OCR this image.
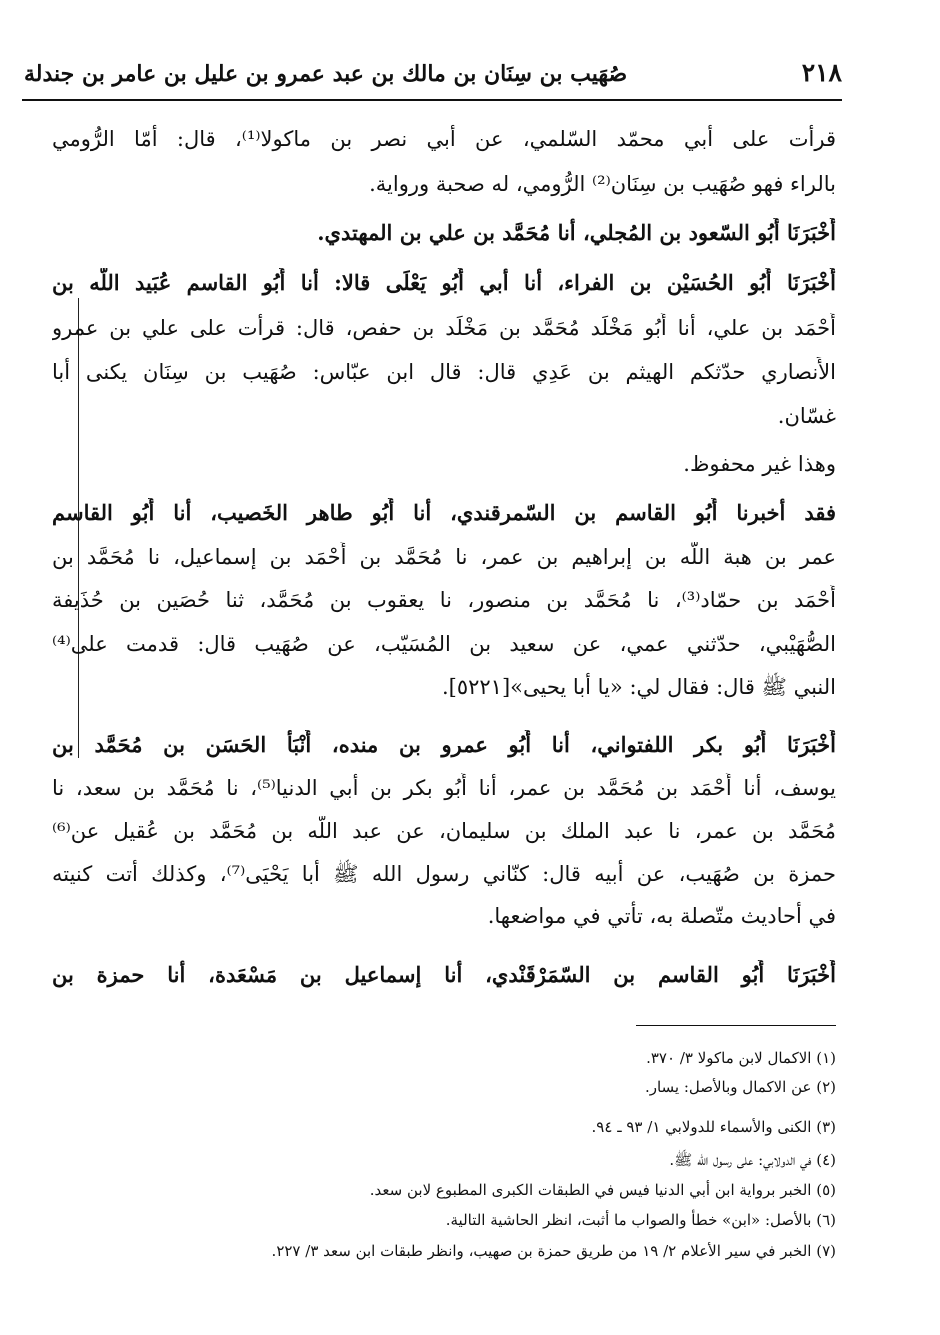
٢١٨
صُهَيب بن سِنَان بن مالك بن عبد عمرو بن عليل بن عامر بن جندلة
قرأت على أبي محمّد السّلمي، عن أبي نصر بن ماكولا⁽¹⁾، قال: أمّا الرُّومي
بالراء فهو صُهَيب بن سِنَان⁽²⁾ الرُّومي، له صحبة ورواية.
أَخْبَرَنَا أَبُو السّعود بن المُجلي، أنا مُحَمَّد بن علي بن المهتدي.
أَخْبَرَنَا أَبُو الحُسَيْن بن الفراء، أنا أبي أَبُو يَعْلَى قالا: أنا أَبُو القاسم عُبَيد اللّه بن
أَحْمَد بن علي، أنا أَبُو مَخْلَد مُحَمَّد بن مَخْلَد بن حفص، قال: قرأت على علي بن عمرو
الأَنصاري حدّثكم الهيثم بن عَدِي قال: قال ابن عبّاس: صُهَيب بن سِنَان يكنى أبا
غسّان.
وهذا غير محفوظ.
فقد أخبرنا أَبُو القاسم بن السّمرقندي، أنا أَبُو طاهر الخَصيب، أنا أَبُو القاسم
عمر بن هبة اللّه بن إبراهيم بن عمر، نا مُحَمَّد بن أَحْمَد بن إسماعيل، نا مُحَمَّد بن
أَحْمَد بن حمّاد⁽³⁾، نا مُحَمَّد بن منصور، نا يعقوب بن مُحَمَّد، ثنا حُصَين بن حُذَيفة
الصُّهَيْبي، حدّثني عمي، عن سعيد بن المُسَيّب، عن صُهَيب قال: قدمت على⁽⁴⁾
النبي ﷺ قال: فقال لي: «يا أبا يحيى»[٥٢٢١].
أَخْبَرَنَا أَبُو بكر اللفتواني، أنا أَبُو عمرو بن منده، أَنْبَأ الحَسَن بن مُحَمَّد بن
يوسف، أنا أَحْمَد بن مُحَمَّد بن عمر، أنا أَبُو بكر بن أبي الدنيا⁽⁵⁾، نا مُحَمَّد بن سعد، نا
مُحَمَّد بن عمر، نا عبد الملك بن سليمان، عن عبد اللّه بن مُحَمَّد بن عُقيل عن⁽⁶⁾
حمزة بن صُهَيب، عن أبيه قال: كنّاني رسول الله ﷺ أبا يَحْيَى⁽⁷⁾، وكذلك أتت كنيته
في أحاديث متّصلة به، تأتي في مواضعها.
أَخْبَرَنَا أَبُو القاسم بن السّمَرْقَنْدي، أنا إسماعيل بن مَسْعَدة، أنا حمزة بن
(١) الاكمال لابن ماكولا ٣/ ٣٧٠.
(٢) عن الاكمال وبالأصل: يسار.
(٣) الكنى والأسماء للدولابي ١/ ٩٣ ـ ٩٤.
(٤) في الدولابي: على رسول الله ﷺ.
(٥) الخبر برواية ابن أبي الدنيا فيس في الطبقات الكبرى المطبوع لابن سعد.
(٦) بالأصل: «ابن» خطأ والصواب ما أثبت، انظر الحاشية التالية.
(٧) الخبر في سير الأعلام ٢/ ١٩ من طريق حمزة بن صهيب، وانظر طبقات ابن سعد ٣/ ٢٢٧.
